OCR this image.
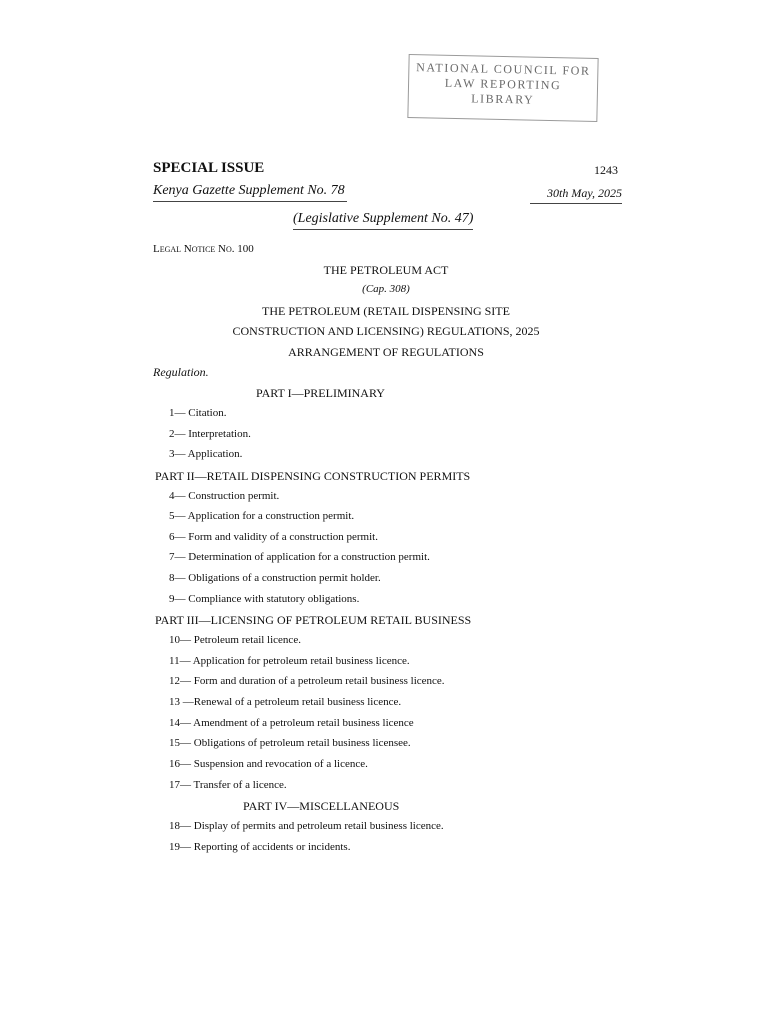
NATIONAL COUNCIL FOR
LAW REPORTING
LIBRARY
SPECIAL ISSUE	1243
Kenya Gazette Supplement No. 78	30th May, 2025
(Legislative Supplement No. 47)
Legal Notice No. 100
THE PETROLEUM ACT
(Cap. 308)
THE PETROLEUM (RETAIL DISPENSING SITE
CONSTRUCTION AND LICENSING) REGULATIONS, 2025
ARRANGEMENT OF REGULATIONS
Regulation.
PART I—PRELIMINARY
1— Citation.
2— Interpretation.
3— Application.
PART II—RETAIL DISPENSING CONSTRUCTION PERMITS
4— Construction permit.
5— Application for a construction permit.
6— Form and validity of a construction permit.
7— Determination of application for a construction permit.
8— Obligations of a construction permit holder.
9— Compliance with statutory obligations.
PART III—LICENSING OF PETROLEUM RETAIL BUSINESS
10— Petroleum retail licence.
11— Application for petroleum retail business licence.
12— Form and duration of a petroleum retail business licence.
13 —Renewal of a petroleum retail business licence.
14— Amendment of a petroleum retail business licence
15— Obligations of petroleum retail business licensee.
16— Suspension and revocation of a licence.
17— Transfer of a licence.
PART IV—MISCELLANEOUS
18— Display of permits and petroleum retail business licence.
19— Reporting of accidents or incidents.
